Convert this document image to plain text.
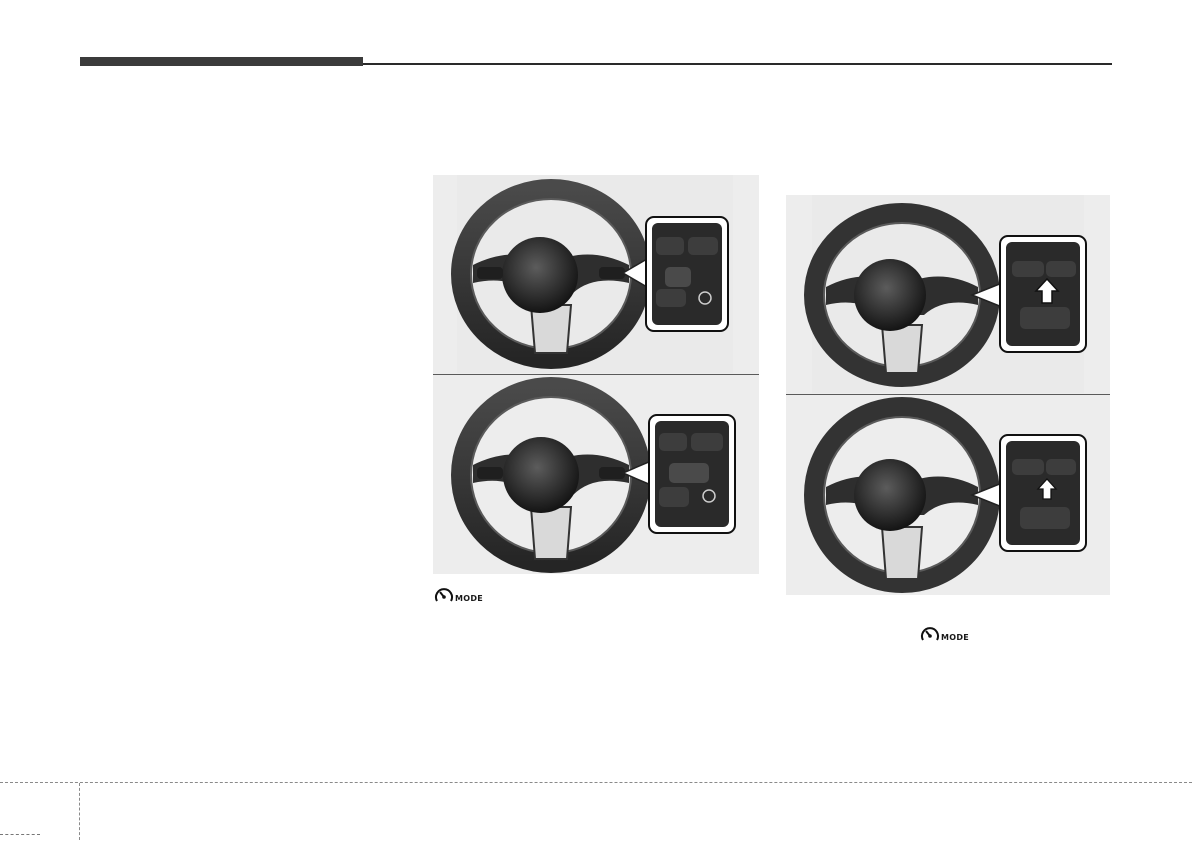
MODE
MODE
